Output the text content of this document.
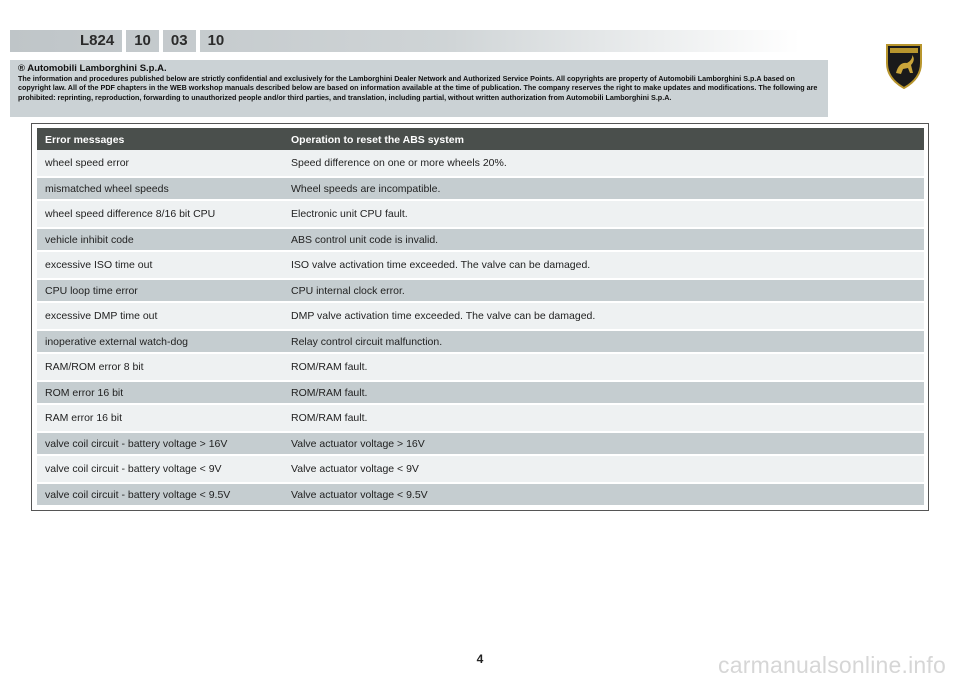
L824	10	03	10
® Automobili Lamborghini S.p.A.
The information and procedures published below are strictly confidential and exclusively for the Lamborghini Dealer Network and Authorized Service Points. All copyrights are property of Automobili Lamborghini S.p.A based on copyright law. All of the PDF chapters in the WEB workshop manuals described below are based on information available at the time of publication. The company reserves the right to make updates and modifications. The following are prohibited: reprinting, reproduction, forwarding to unauthorized people and/or third parties, and translation, including partial, without written authorization from Automobili Lamborghini S.p.A.
Error messages	Operation to reset the ABS system
wheel speed error	Speed difference on one or more wheels 20%.
mismatched wheel speeds	Wheel speeds are incompatible.
wheel speed difference 8/16 bit CPU	Electronic unit CPU fault.
vehicle inhibit code	ABS control unit code is invalid.
excessive ISO time out	ISO valve activation time exceeded. The valve can be damaged.
CPU loop time error	CPU internal clock error.
excessive DMP time out	DMP valve activation time exceeded. The valve can be damaged.
inoperative external watch-dog	Relay control circuit malfunction.
RAM/ROM error 8 bit	ROM/RAM fault.
ROM error 16 bit	ROM/RAM fault.
RAM error 16 bit	ROM/RAM fault.
valve coil circuit - battery voltage > 16V	Valve actuator voltage > 16V
valve coil circuit - battery voltage < 9V	Valve actuator voltage < 9V
valve coil circuit - battery voltage < 9.5V	Valve actuator voltage < 9.5V
4	carmanualsonline.info
